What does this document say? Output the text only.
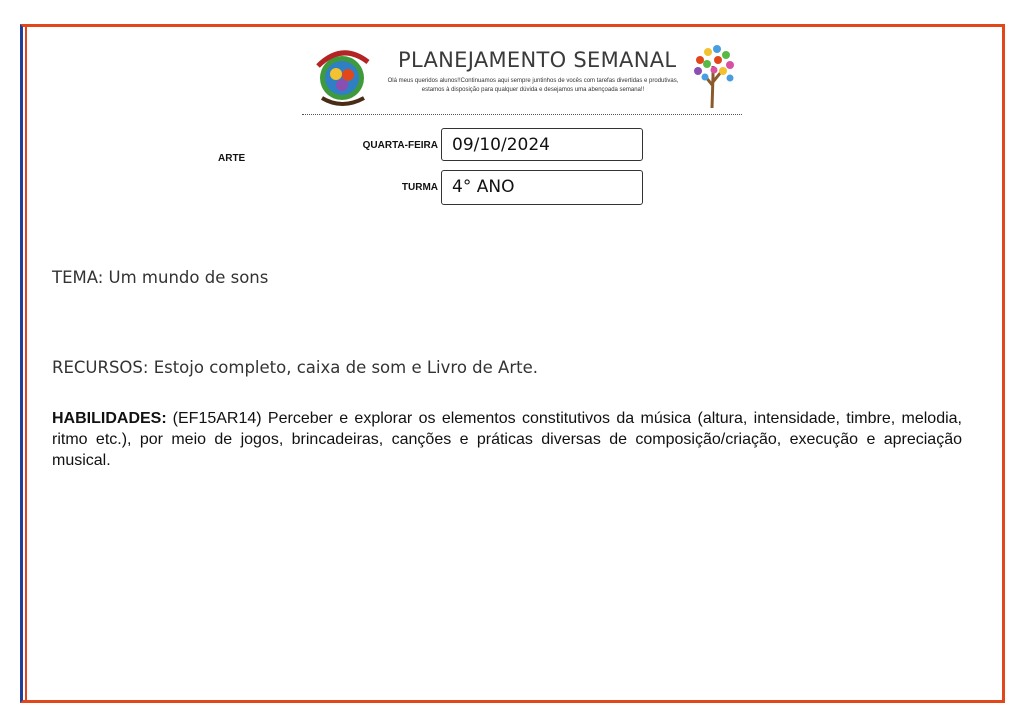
PLANEJAMENTO SEMANAL
Olá meus queridos alunos!!Continuamos aqui sempre juntinhos de vocês com tarefas divertidas e produtivas, estamos à disposição para qualquer dúvida e desejamos uma abençoada semana!!
ARTE
QUARTA-FEIRA 09/10/2024
TURMA 4° ANO
TEMA: Um mundo de sons
RECURSOS: Estojo completo, caixa de som e Livro de Arte.
HABILIDADES: (EF15AR14) Perceber e explorar os elementos constitutivos da música (altura, intensidade, timbre, melodia, ritmo etc.), por meio de jogos, brincadeiras, canções e práticas diversas de composição/criação, execução e apreciação musical.
